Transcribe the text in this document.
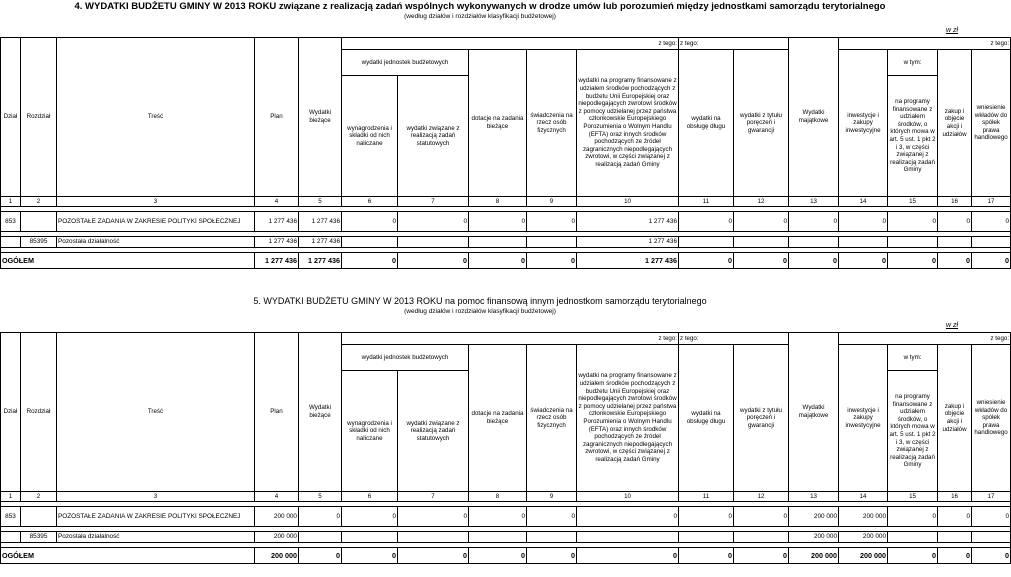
4. WYDATKI BUDŻETU GMINY W 2013 ROKU związane z realizacją zadań wspólnych wykonywanych w drodze umów lub porozumień między jednostkami samorządu terytorialnego
(według działów i rozdziałów klasyfikacji budżetowej)
w zł
Dział	Rozdział	Treść	Plan	Wydatki bieżące	z tego:					z tego:		Wydatki majątkowe	z tego:			
					wydatki jednostek budżetowych		dotacje na zadania bieżące	świadczenia na rzecz osób fizycznych	wydatki na programy finansowane z udziałem środków pochodzących z budżetu Unii Europejskiej oraz niepodlegających zwrotowi środków z pomocy udzielanej przez państwa członkowskie Europejskiego Porozumienia o Wolnym Handlu (EFTA) oraz innych środków pochodzących ze źródeł zagranicznych niepodlegających zwrotowi, w części związanej z realizacją zadań Gminy	wydatki na obsługę długu	wydatki z tytułu poręczeń i gwarancji		inwestycje i zakupy inwestycyjne	w tym:	zakup i objęcie akcji i udziałów	wniesienie wkładów do spółek prawa handlowego
					wynagrodzenia i składki od nich naliczane	wydatki związane z realizacją zadań statutowych								na programy finansowane z udziałem środków, o których mowa w art. 5 ust. 1 pkt 2 i 3, w części związanej z realizacją zadań Gminy		
1	2	3	4	5	6	7	8	9	10	11	12	13	14	15	16	17

853		POZOSTAŁE ZADANIA W ZAKRESIE POLITYKI SPOŁECZNEJ	1 277 436	1 277 436	0	0	0	0	1 277 436	0	0	0	0	0	0	0

	85395	Pozostała działalność	1 277 436	1 277 436					1 277 436							

OGÓŁEM			1 277 436	1 277 436	0	0	0	0	1 277 436	0	0	0	0	0	0	0
5. WYDATKI BUDŻETU GMINY W 2013 ROKU na pomoc finansową innym jednostkom samorządu terytorialnego
(według działów i rozdziałów klasyfikacji budżetowej)
w zł
Dział	Rozdział	Treść	Plan	Wydatki bieżące	z tego:					z tego:		Wydatki majątkowe	z tego:			
					wydatki jednostek budżetowych		dotacje na zadania bieżące	świadczenia na rzecz osób fizycznych	wydatki na programy finansowane z udziałem środków pochodzących z budżetu Unii Europejskiej oraz niepodlegających zwrotowi środków z pomocy udzielanej przez państwa członkowskie Europejskiego Porozumienia o Wolnym Handlu (EFTA) oraz innych środków pochodzących ze źródeł zagranicznych niepodlegających zwrotowi, w części związanej z realizacją zadań Gminy	wydatki na obsługę długu	wydatki z tytułu poręczeń i gwarancji		inwestycje i zakupy inwestycyjne	w tym:	zakup i objęcie akcji i udziałów	wniesienie wkładów do spółek prawa handlowego
					wynagrodzenia i składki od nich naliczane	wydatki związane z realizacją zadań statutowych								na programy finansowane z udziałem środków, o których mowa w art. 5 ust. 1 pkt 2 i 3, w części związanej z realizacją zadań Gminy		
1	2	3	4	5	6	7	8	9	10	11	12	13	14	15	16	17

853		POZOSTAŁE ZADANIA W ZAKRESIE POLITYKI SPOŁECZNEJ	200 000	0	0	0	0	0	0	0	0	200 000	200 000	0	0	0

	85395	Pozostała działalność	200 000									200 000	200 000			

OGÓŁEM			200 000	0	0	0	0	0	0	0	0	200 000	200 000	0	0	0
